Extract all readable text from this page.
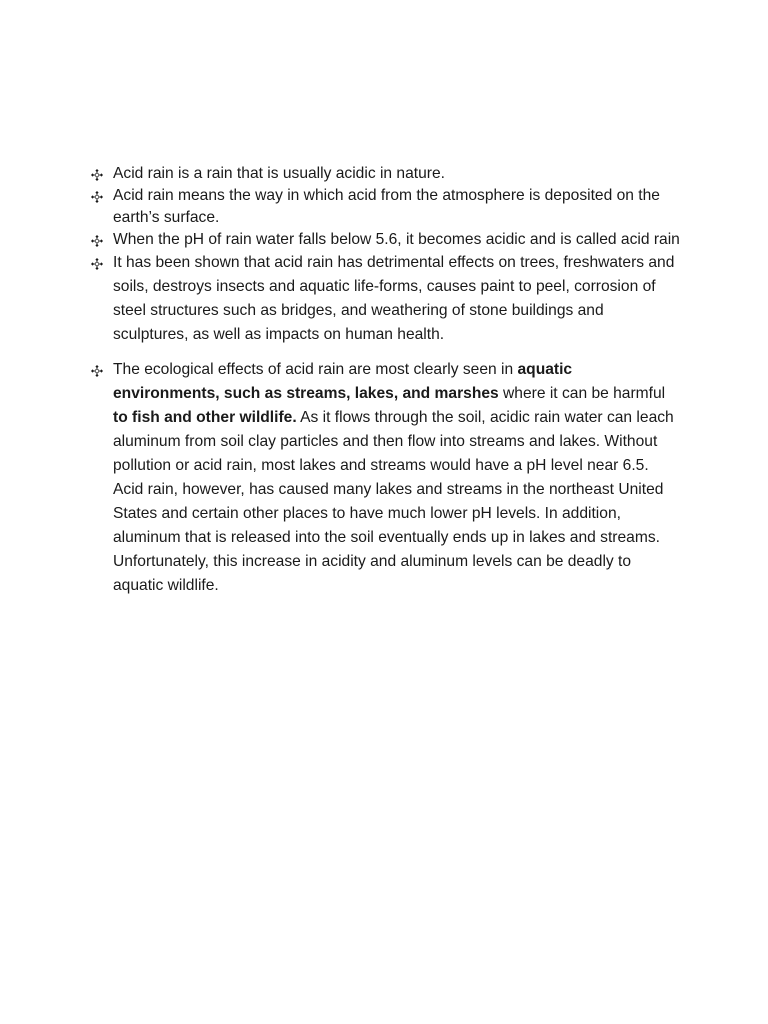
Acid rain is a rain that is usually acidic in nature.
Acid rain means the way in which acid from the atmosphere is deposited on the earth’s surface.
When the pH of rain water falls below 5.6, it becomes acidic and is called acid rain
It has been shown that acid rain has detrimental effects on trees, freshwaters and soils, destroys insects and aquatic life-forms, causes paint to peel, corrosion of steel structures such as bridges, and weathering of stone buildings and sculptures, as well as impacts on human health.
The ecological effects of acid rain are most clearly seen in aquatic environments, such as streams, lakes, and marshes where it can be harmful to fish and other wildlife. As it flows through the soil, acidic rain water can leach aluminum from soil clay particles and then flow into streams and lakes. Without pollution or acid rain, most lakes and streams would have a pH level near 6.5. Acid rain, however, has caused many lakes and streams in the northeast United States and certain other places to have much lower pH levels. In addition, aluminum that is released into the soil eventually ends up in lakes and streams. Unfortunately, this increase in acidity and aluminum levels can be deadly to aquatic wildlife.
